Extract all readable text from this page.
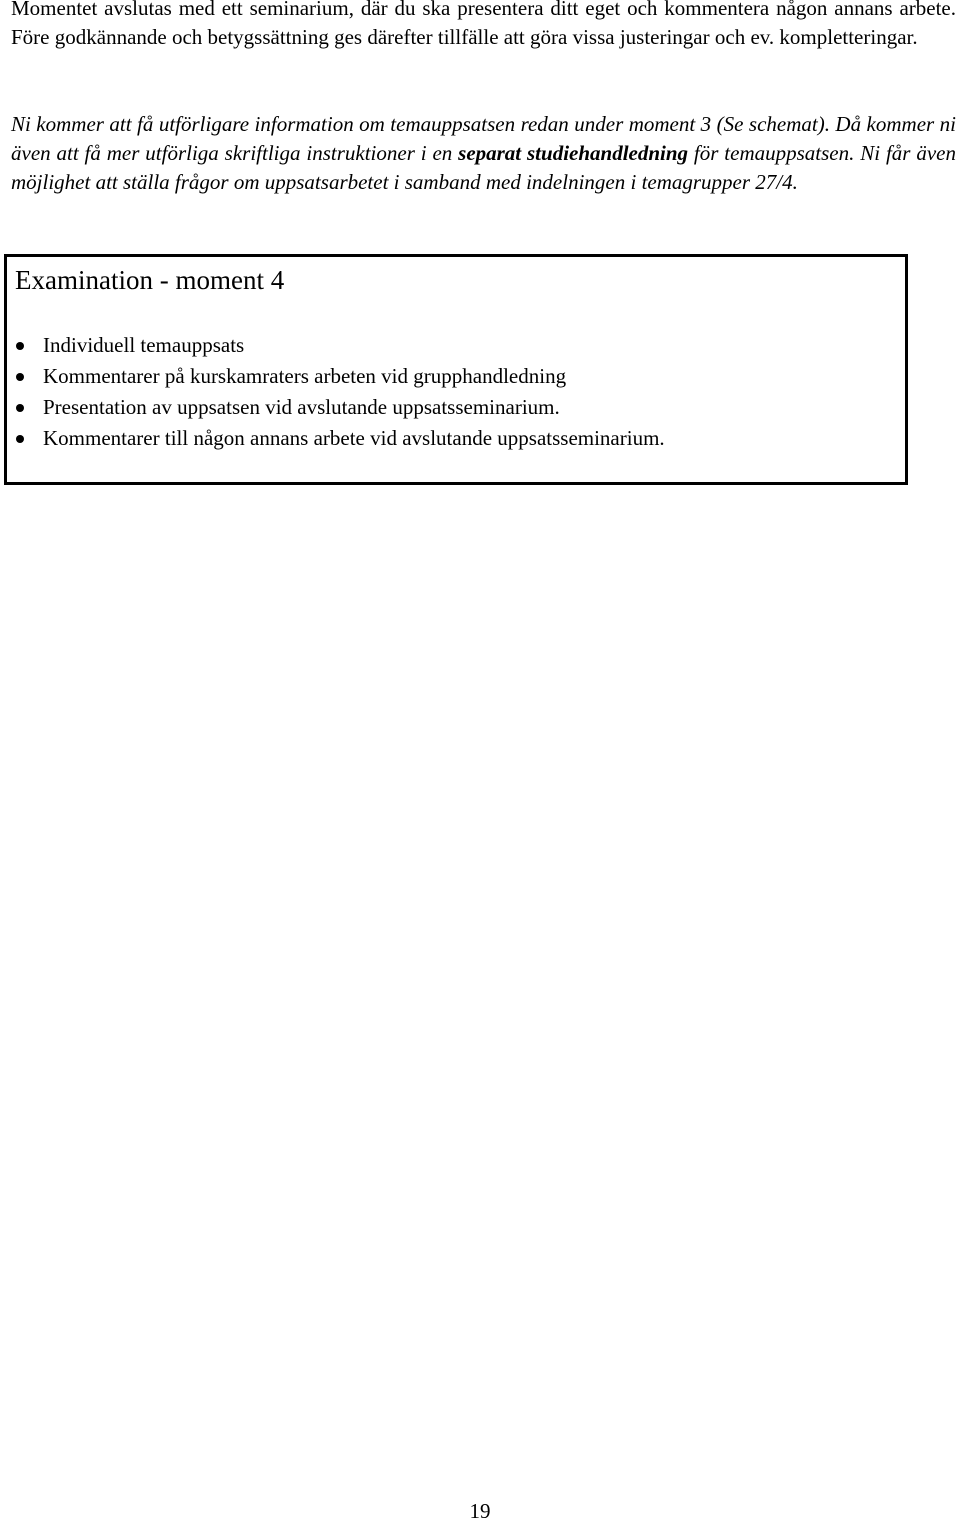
Momentet avslutas med ett seminarium, där du ska presentera ditt eget och kommentera någon annans arbete. Före godkännande och betygssättning ges därefter tillfälle att göra vissa justeringar och ev. kompletteringar.

Ni kommer att få utförligare information om temauppsatsen redan under moment 3 (Se schemat). Då kommer ni även att få mer utförliga skriftliga instruktioner i en separat studiehandledning för temauppsatsen. Ni får även möjlighet att ställa frågor om uppsatsarbetet i samband med indelningen i temagrupper 27/4.

Examination - moment 4
Individuell temauppsats
Kommentarer på kurskamraters arbeten vid grupphandledning
Presentation av uppsatsen vid avslutande uppsatsseminarium.
Kommentarer till någon annans arbete vid avslutande uppsatsseminarium.
19
